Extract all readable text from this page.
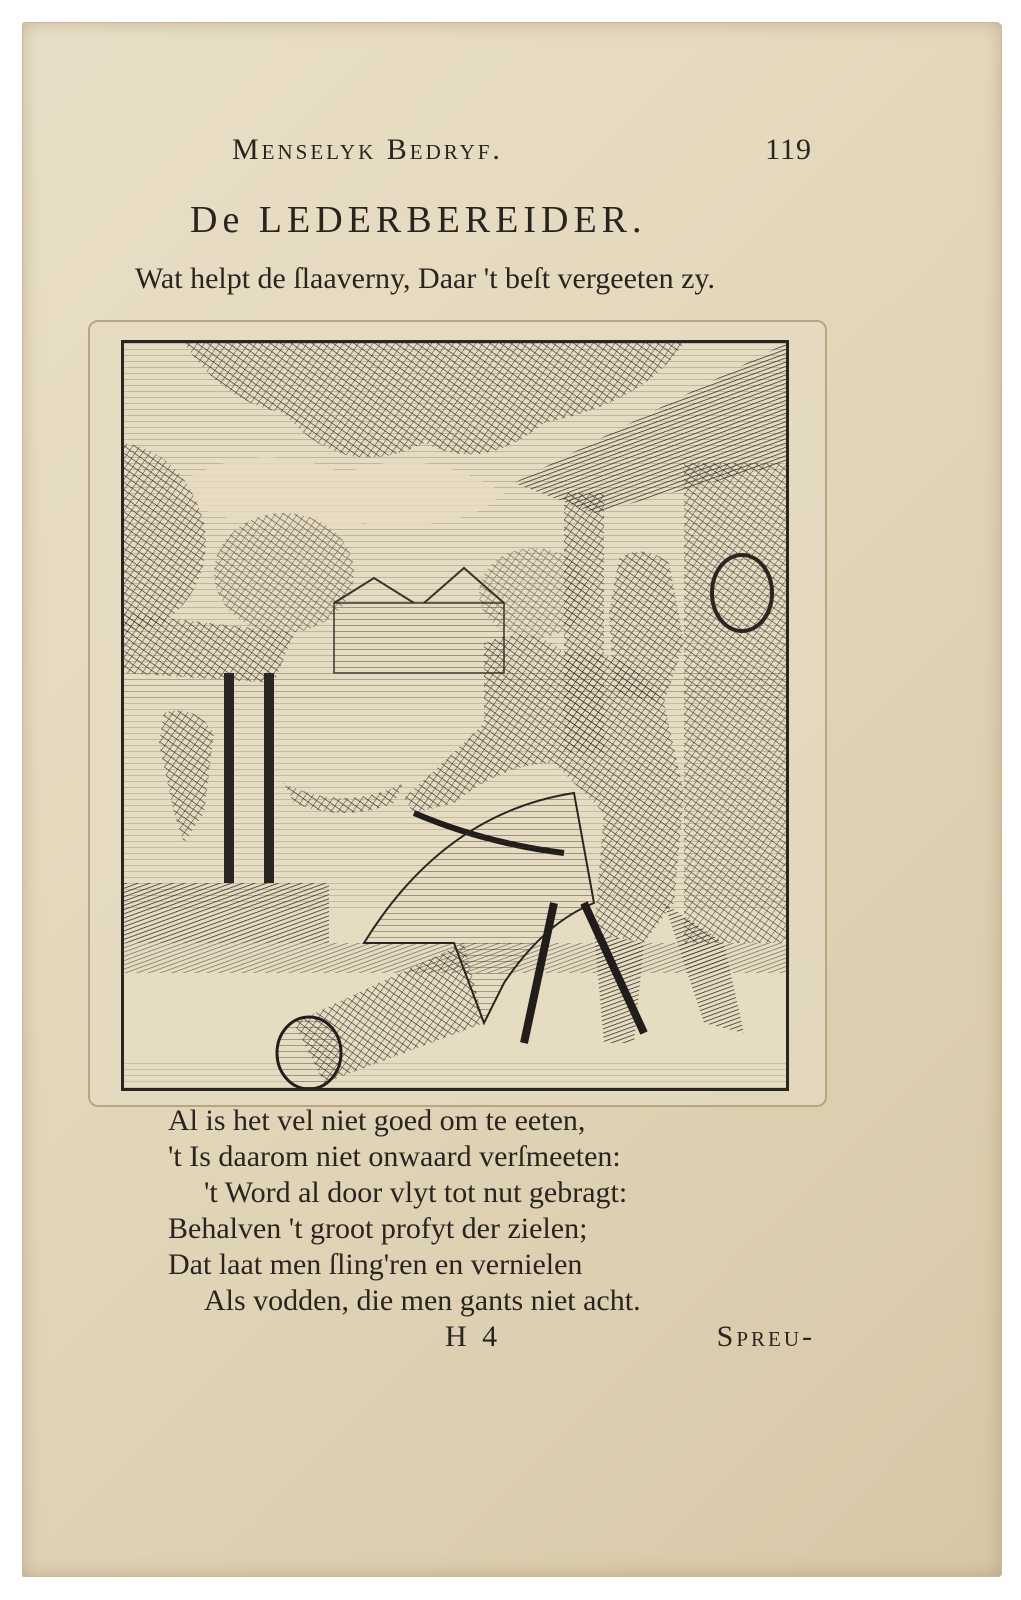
Menselyk Bedryf.	119
De LEDERBEREIDER.
Wat helpt de ſlaaverny, Daar 't beſt vergeeten zy.
Al is het vel niet goed om te eeten,
't Is daarom niet onwaard verſmeeten:
't Word al door vlyt tot nut gebragt:
Behalven 't groot profyt der zielen;
Dat laat men ſling'ren en vernielen
Als vodden, die men gants niet acht.
H 4	Spreu-
